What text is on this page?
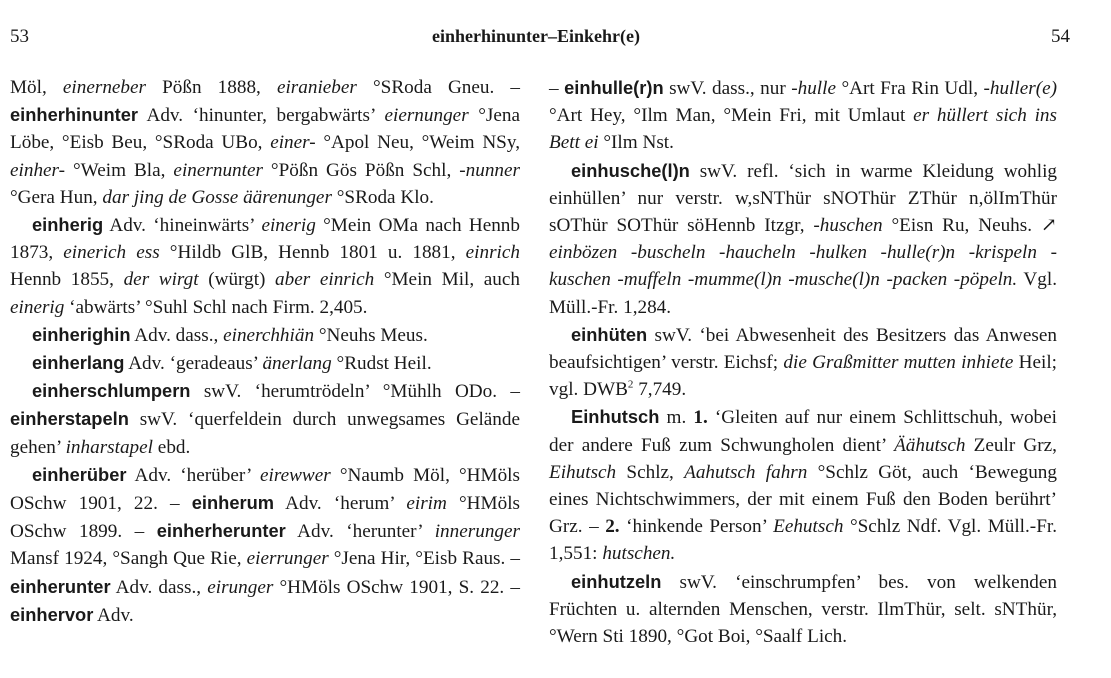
53	einherhinunter–Einkehr(e)	54

Möl, einerneber Pößn 1888, eiranieber °SRoda Gneu. – einherhinunter Adv. ‘hinunter, bergabwärts’ eiernunger °Jena Löbe, °Eisb Beu, °SRoda UBo, einer- °Apol Neu, °Weim NSy, einher- °Weim Bla, einernunter °Pößn Gös Pößn Schl, -nunner °Gera Hun, dar jing de Gosse äärenunger °SRoda Klo.

einherig Adv. ‘hineinwärts’ einerig °Mein OMa nach Hennb 1873, einerich ess °Hildb GlB, Hennb 1801 u. 1881, einrich Hennb 1855, der wirgt (würgt) aber einrich °Mein Mil, auch einerig ‘abwärts’ °Suhl Schl nach Firm. 2,405.

einherighin Adv. dass., einerchhiän °Neuhs Meus.

einherlang Adv. ‘geradeaus’ änerlang °Rudst Heil.

einherschlumpern swV. ‘herumtrödeln’ °Mühlh ODo. – einherstapeln swV. ‘querfeldein durch unwegsames Gelände gehen’ inharstapel ebd.

einherüber Adv. ‘herüber’ eirewwer °Naumb Möl, °HMöls OSchw 1901, 22. – einherum Adv. ‘herum’ eirim °HMöls OSchw 1899. – einherherunter Adv. ‘herunter’ innerunger Mansf 1924, °Sangh Que Rie, eierrunger °Jena Hir, °Eisb Raus. – einherunter Adv. dass., eirunger °HMöls OSchw 1901, S. 22. – einhervor Adv.

– einhulle(r)n swV. dass., nur -hulle °Art Fra Rin Udl, -huller(e) °Art Hey, °Ilm Man, °Mein Fri, mit Umlaut er hüllert sich ins Bett ei °Ilm Nst.

einhusche(l)n swV. refl. ‘sich in warme Kleidung wohlig einhüllen’ nur verstr. w,sNThür sNOThür ZThür n,ölImThür sOThür SOThür söHennb Itzgr, -huschen °Eisn Ru, Neuhs. ↗ einbözen -buscheln -haucheln -hulken -hulle(r)n -krispeln -kuschen -muffeln -mumme(l)n -musche(l)n -packen -pöpeln. Vgl. Müll.-Fr. 1,284.

einhüten swV. ‘bei Abwesenheit des Besitzers das Anwesen beaufsichtigen’ verstr. Eichsf; die Graßmitter mutten inhiete Heil; vgl. DWB$^2$ 7,749.

Einhutsch m. 1. ‘Gleiten auf nur einem Schlittschuh, wobei der andere Fuß zum Schwungholen dient’ Äähutsch Zeulr Grz, Eihutsch Schlz, Aahutsch fahrn °Schlz Göt, auch ‘Bewegung eines Nichtschwimmers, der mit einem Fuß den Boden berührt’ Grz. – 2. ‘hinkende Person’ Eehutsch °Schlz Ndf. Vgl. Müll.-Fr. 1,551: hutschen.

einhutzeln swV. ‘einschrumpfen’ bes. von welkenden Früchten u. alternden Menschen, verstr. IlmThür, selt. sNThür, °Wern Sti 1890, °Got Boi, °Saalf Lich.
